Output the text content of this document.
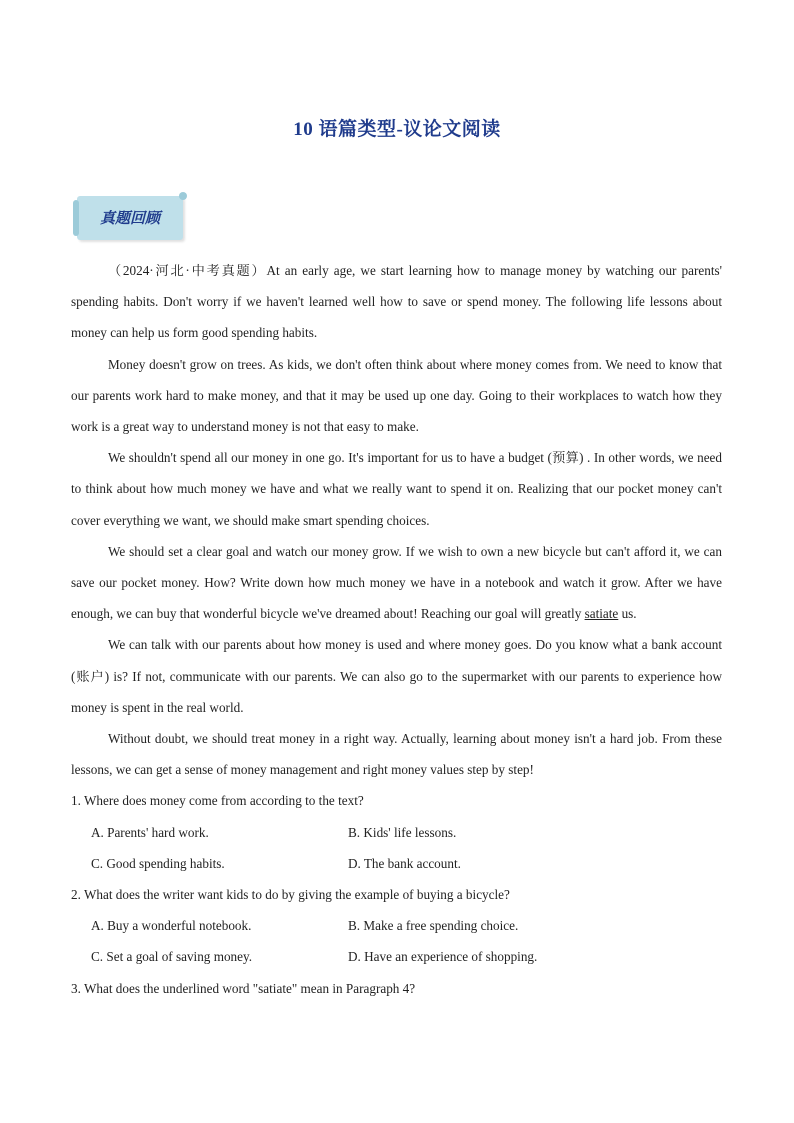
10 语篇类型-议论文阅读
真题回顾

（2024·河北·中考真题）At an early age, we start learning how to manage money by watching our parents' spending habits. Don't worry if we haven't learned well how to save or spend money. The following life lessons about money can help us form good spending habits.

Money doesn't grow on trees. As kids, we don't often think about where money comes from. We need to know that our parents work hard to make money, and that it may be used up one day. Going to their workplaces to watch how they work is a great way to understand money is not that easy to make.

We shouldn't spend all our money in one go. It's important for us to have a budget (预算) . In other words, we need to think about how much money we have and what we really want to spend it on. Realizing that our pocket money can't cover everything we want, we should make smart spending choices.

We should set a clear goal and watch our money grow. If we wish to own a new bicycle but can't afford it, we can save our pocket money. How? Write down how much money we have in a notebook and watch it grow. After we have enough, we can buy that wonderful bicycle we've dreamed about! Reaching our goal will greatly satiate us.

We can talk with our parents about how money is used and where money goes. Do you know what a bank account (账户) is? If not, communicate with our parents. We can also go to the supermarket with our parents to experience how money is spent in the real world.

Without doubt, we should treat money in a right way. Actually, learning about money isn't a hard job. From these lessons, we can get a sense of money management and right money values step by step!

1. Where does money come from according to the text?
A. Parents' hard work.	B. Kids' life lessons.
C. Good spending habits.	D. The bank account.
2. What does the writer want kids to do by giving the example of buying a bicycle?
A. Buy a wonderful notebook.	B. Make a free spending choice.
C. Set a goal of saving money.	D. Have an experience of shopping.
3. What does the underlined word "satiate" mean in Paragraph 4?
